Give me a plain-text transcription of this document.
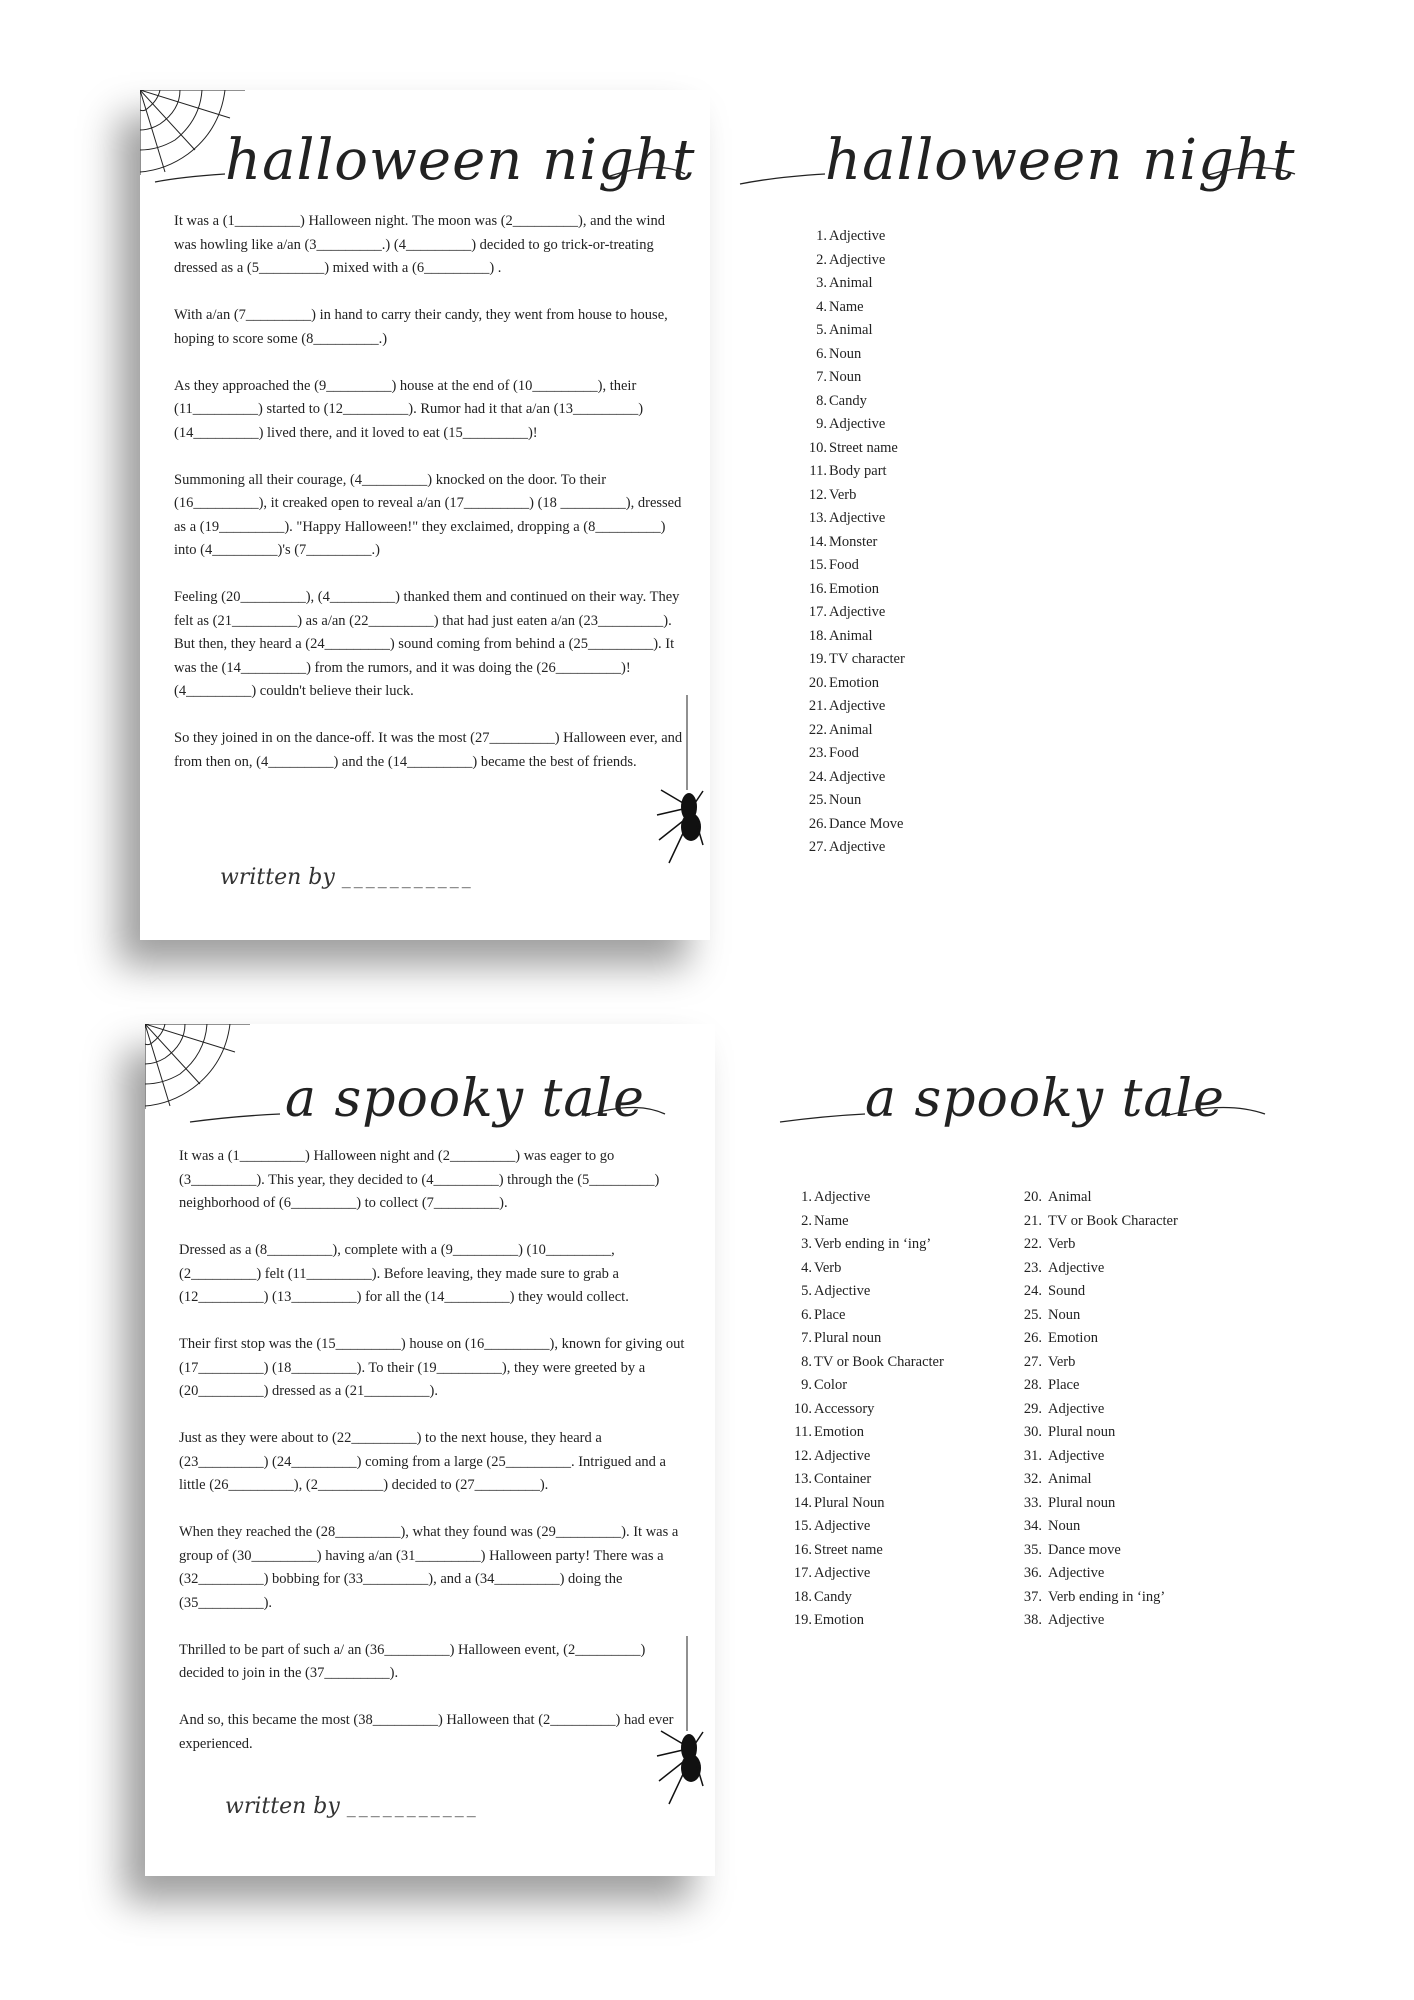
halloween night

It was a (1_________) Halloween night. The moon was (2_________), and the wind was howling like a/an (3_________.) (4_________) decided to go trick-or-treating dressed as a (5_________) mixed with a (6_________) .

With a/an (7_________) in hand to carry their candy, they went from house to house, hoping to score some (8_________.)

As they approached the (9_________) house at the end of (10_________), their (11_________) started to (12_________). Rumor had it that a/an (13_________) (14_________) lived there, and it loved to eat (15_________)!

Summoning all their courage, (4_________) knocked on the door. To their (16_________), it creaked open to reveal a/an (17_________) (18 _________), dressed as a (19_________). "Happy Halloween!" they exclaimed, dropping a (8_________) into (4_________)'s (7_________.)

Feeling (20_________), (4_________) thanked them and continued on their way. They felt as (21_________) as a/an (22_________) that had just eaten a/an (23_________). But then, they heard a (24_________) sound coming from behind a (25_________). It was the (14_________) from the rumors, and it was doing the (26_________)! (4_________) couldn't believe their luck.

So they joined in on the dance-off. It was the most (27_________) Halloween ever, and from then on, (4_________) and the (14_________) became the best of friends.

written by ___________
halloween night
1. Adjective
2. Adjective
3. Animal
4. Name
5. Animal
6. Noun
7. Noun
8. Candy
9. Adjective
10. Street name
11. Body part
12. Verb
13. Adjective
14. Monster
15. Food
16. Emotion
17. Adjective
18. Animal
19. TV character
20. Emotion
21. Adjective
22. Animal
23. Food
24. Adjective
25. Noun
26. Dance Move
27. Adjective
a spooky tale

It was a (1_________) Halloween night and (2_________) was eager to go (3_________). This year, they decided to (4_________) through the (5_________) neighborhood of (6_________) to collect (7_________).

Dressed as a (8_________), complete with a (9_________) (10_________, (2_________) felt (11_________). Before leaving, they made sure to grab a (12_________) (13_________) for all the (14_________) they would collect.

Their first stop was the (15_________) house on (16_________), known for giving out (17_________) (18_________). To their (19_________), they were greeted by a (20_________) dressed as a (21_________).

Just as they were about to (22_________) to the next house, they heard a (23_________) (24_________) coming from a large (25_________. Intrigued and a little (26_________), (2_________) decided to (27_________).

When they reached the (28_________), what they found was (29_________). It was a group of (30_________) having a/an (31_________) Halloween party! There was a (32_________) bobbing for (33_________), and a (34_________) doing the (35_________).

Thrilled to be part of such a/ an (36_________) Halloween event, (2_________) decided to join in the (37_________).

And so, this became the most (38_________) Halloween that (2_________) had ever experienced.

written by ___________
a spooky tale
1. Adjective
2. Name
3. Verb ending in ‘ing’
4. Verb
5. Adjective
6. Place
7. Plural noun
8. TV or Book Character
9. Color
10. Accessory
11. Emotion
12. Adjective
13. Container
14. Plural Noun
15. Adjective
16. Street name
17. Adjective
18. Candy
19. Emotion
20. Animal
21. TV or Book Character
22. Verb
23. Adjective
24. Sound
25. Noun
26. Emotion
27. Verb
28. Place
29. Adjective
30. Plural noun
31. Adjective
32. Animal
33. Plural noun
34. Noun
35. Dance move
36. Adjective
37. Verb ending in ‘ing’
38. Adjective
